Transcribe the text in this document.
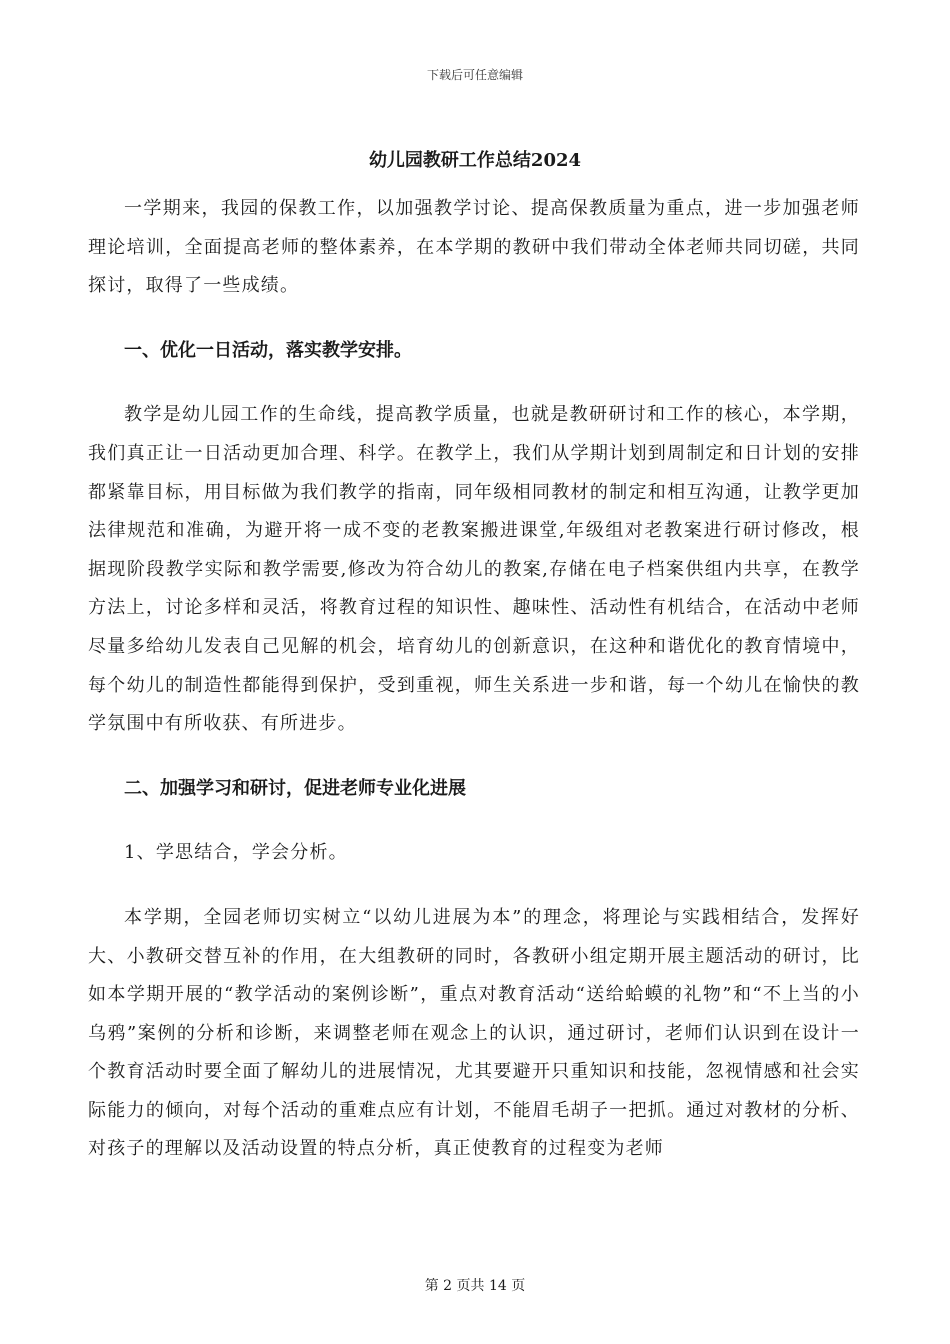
下载后可任意编辑
幼儿园教研工作总结2024

一学期来，我园的保教工作，以加强教学讨论、提高保教质量为重点，进一步加强老师理论培训，全面提高老师的整体素养，在本学期的教研中我们带动全体老师共同切磋，共同探讨，取得了一些成绩。

一、优化一日活动，落实教学安排。

教学是幼儿园工作的生命线，提高教学质量，也就是教研研讨和工作的核心，本学期，我们真正让一日活动更加合理、科学。在教学上，我们从学期计划到周制定和日计划的安排都紧靠目标，用目标做为我们教学的指南，同年级相同教材的制定和相互沟通，让教学更加法律规范和准确，为避开将一成不变的老教案搬进课堂,年级组对老教案进行研讨修改，根据现阶段教学实际和教学需要,修改为符合幼儿的教案,存储在电子档案供组内共享，在教学方法上，讨论多样和灵活，将教育过程的知识性、趣味性、活动性有机结合，在活动中老师尽量多给幼儿发表自己见解的机会，培育幼儿的创新意识，在这种和谐优化的教育情境中，每个幼儿的制造性都能得到保护，受到重视，师生关系进一步和谐，每一个幼儿在愉快的教学氛围中有所收获、有所进步。

二、加强学习和研讨，促进老师专业化进展

1、学思结合，学会分析。

本学期，全园老师切实树立“以幼儿进展为本”的理念，将理论与实践相结合，发挥好大、小教研交替互补的作用，在大组教研的同时，各教研小组定期开展主题活动的研讨，比如本学期开展的“教学活动的案例诊断”，重点对教育活动“送给蛤蟆的礼物”和“不上当的小乌鸦”案例的分析和诊断，来调整老师在观念上的认识，通过研讨，老师们认识到在设计一个教育活动时要全面了解幼儿的进展情况，尤其要避开只重知识和技能，忽视情感和社会实际能力的倾向，对每个活动的重难点应有计划，不能眉毛胡子一把抓。通过对教材的分析、对孩子的理解以及活动设置的特点分析，真正使教育的过程变为老师

第 2 页共 14 页
